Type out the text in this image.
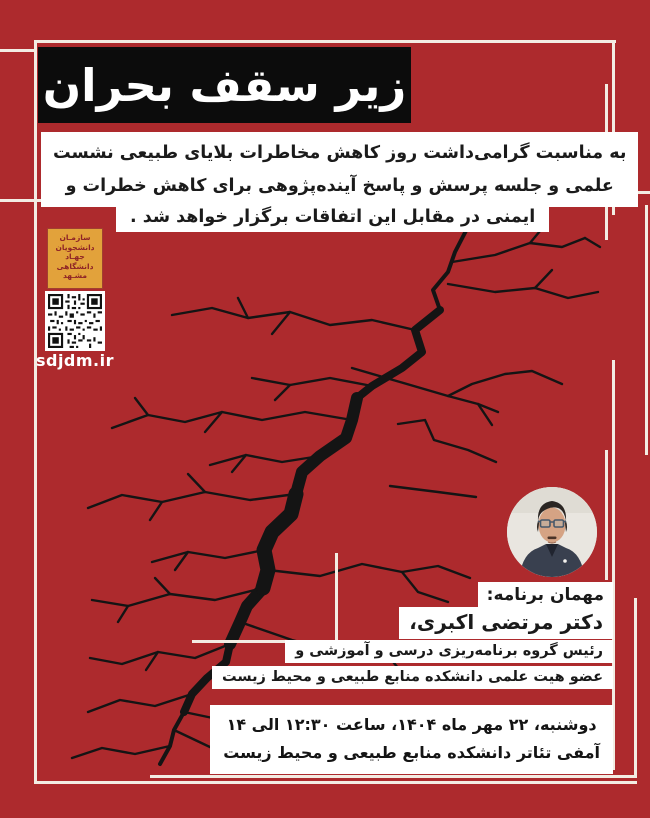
زیر سقف بحران
به مناسبت گرامی‌داشت روز کاهش مخاطرات بلایای طبیعی نشست
علمی و جلسه پرسش و پاسخ آینده‌پژوهی برای کاهش خطرات و
ایمنی در مقابل این اتفاقات برگزار خواهد شد .
سازمـان
دانشجویان
جهـاد
دانشگاهی
مشـهد
sdjdm.ir
مهمان برنامه:
دکتر مرتضی اکبری،
رئیس گروه برنامه‌ریزی درسی و آموزشی و
عضو هیت علمی دانشکده منابع طبیعی و محیط زیست
دوشنبه، ۲۲ مهر ماه ۱۴۰۴، ساعت ۱۲:۳۰ الی ۱۴
آمفی تئاتر دانشکده منابع طبیعی و محیط زیست
